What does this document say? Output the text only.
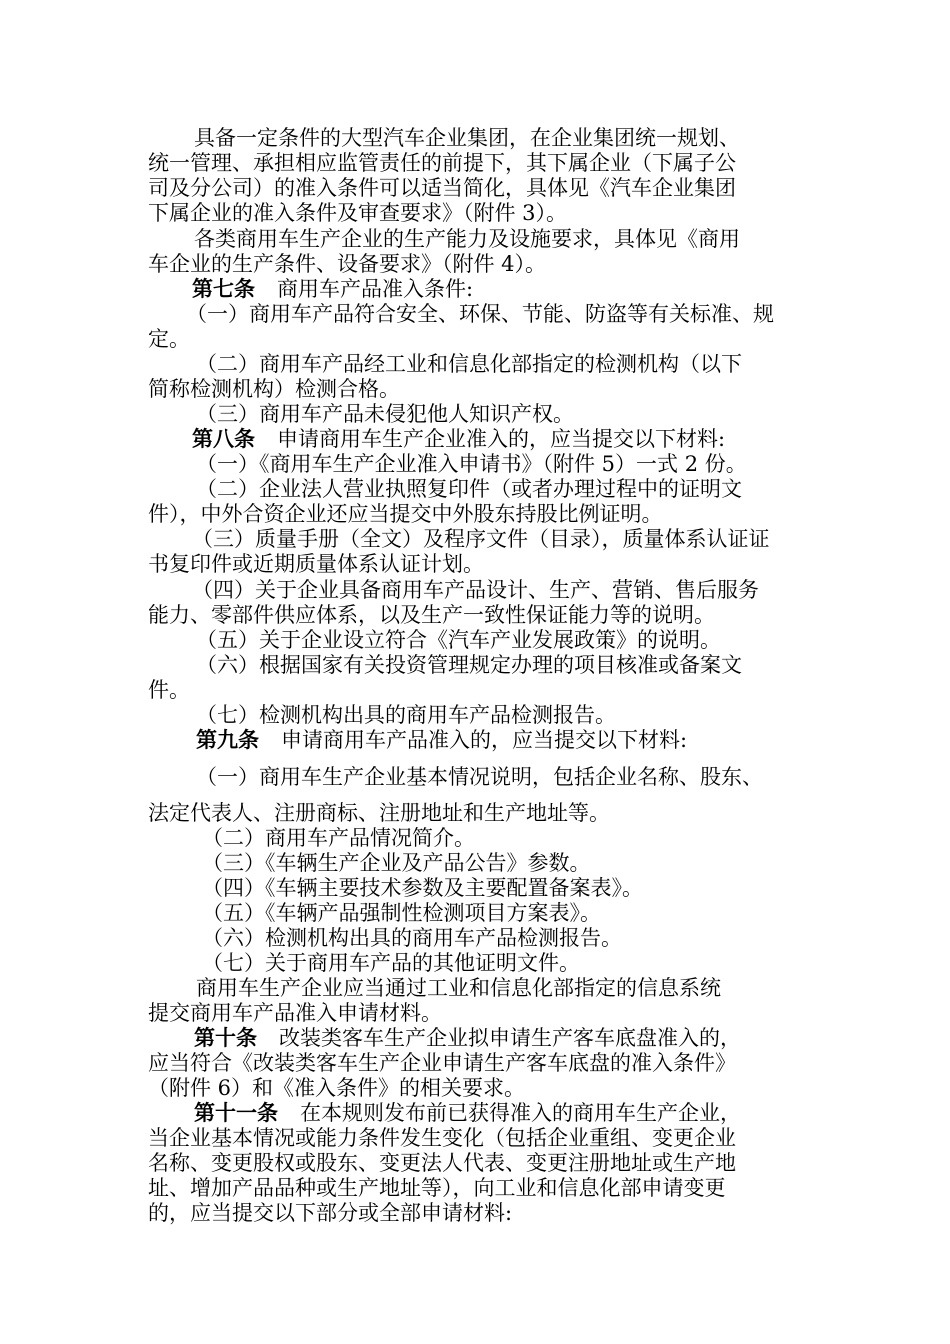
具备一定条件的大型汽车企业集团，在企业集团统一规划、
统一管理、承担相应监管责任的前提下，其下属企业（下属子公
司及分公司）的准入条件可以适当简化，具体见《汽车企业集团
下属企业的准入条件及审查要求》（附件 3）。
各类商用车生产企业的生产能力及设施要求，具体见《商用
车企业的生产条件、设备要求》（附件 4）。
第七条 商用车产品准入条件:
（一）商用车产品符合安全、环保、节能、防盗等有关标准、规
定。
（二）商用车产品经工业和信息化部指定的检测机构（以下
简称检测机构）检测合格。
（三）商用车产品未侵犯他人知识产权。
第八条 申请商用车生产企业准入的，应当提交以下材料:
（一）《商用车生产企业准入申请书》（附件 5）一式 2 份。
（二）企业法人营业执照复印件（或者办理过程中的证明文
件），中外合资企业还应当提交中外股东持股比例证明。
（三）质量手册（全文）及程序文件（目录），质量体系认证证
书复印件或近期质量体系认证计划。
（四）关于企业具备商用车产品设计、生产、营销、售后服务
能力、零部件供应体系，以及生产一致性保证能力等的说明。
（五）关于企业设立符合《汽车产业发展政策》的说明。
（六）根据国家有关投资管理规定办理的项目核准或备案文
件。
（七）检测机构出具的商用车产品检测报告。
第九条 申请商用车产品准入的，应当提交以下材料:
（一）商用车生产企业基本情况说明，包括企业名称、股东、
法定代表人、注册商标、注册地址和生产地址等。
（二）商用车产品情况简介。
（三）《车辆生产企业及产品公告》参数。
（四）《车辆主要技术参数及主要配置备案表》。
（五）《车辆产品强制性检测项目方案表》。
（六）检测机构出具的商用车产品检测报告。
（七）关于商用车产品的其他证明文件。
商用车生产企业应当通过工业和信息化部指定的信息系统
提交商用车产品准入申请材料。
第十条 改装类客车生产企业拟申请生产客车底盘准入的，
应当符合《改装类客车生产企业申请生产客车底盘的准入条件》
（附件 6）和《准入条件》的相关要求。
第十一条 在本规则发布前已获得准入的商用车生产企业，
当企业基本情况或能力条件发生变化（包括企业重组、变更企业
名称、变更股权或股东、变更法人代表、变更注册地址或生产地
址、增加产品品种或生产地址等），向工业和信息化部申请变更
的，应当提交以下部分或全部申请材料:
